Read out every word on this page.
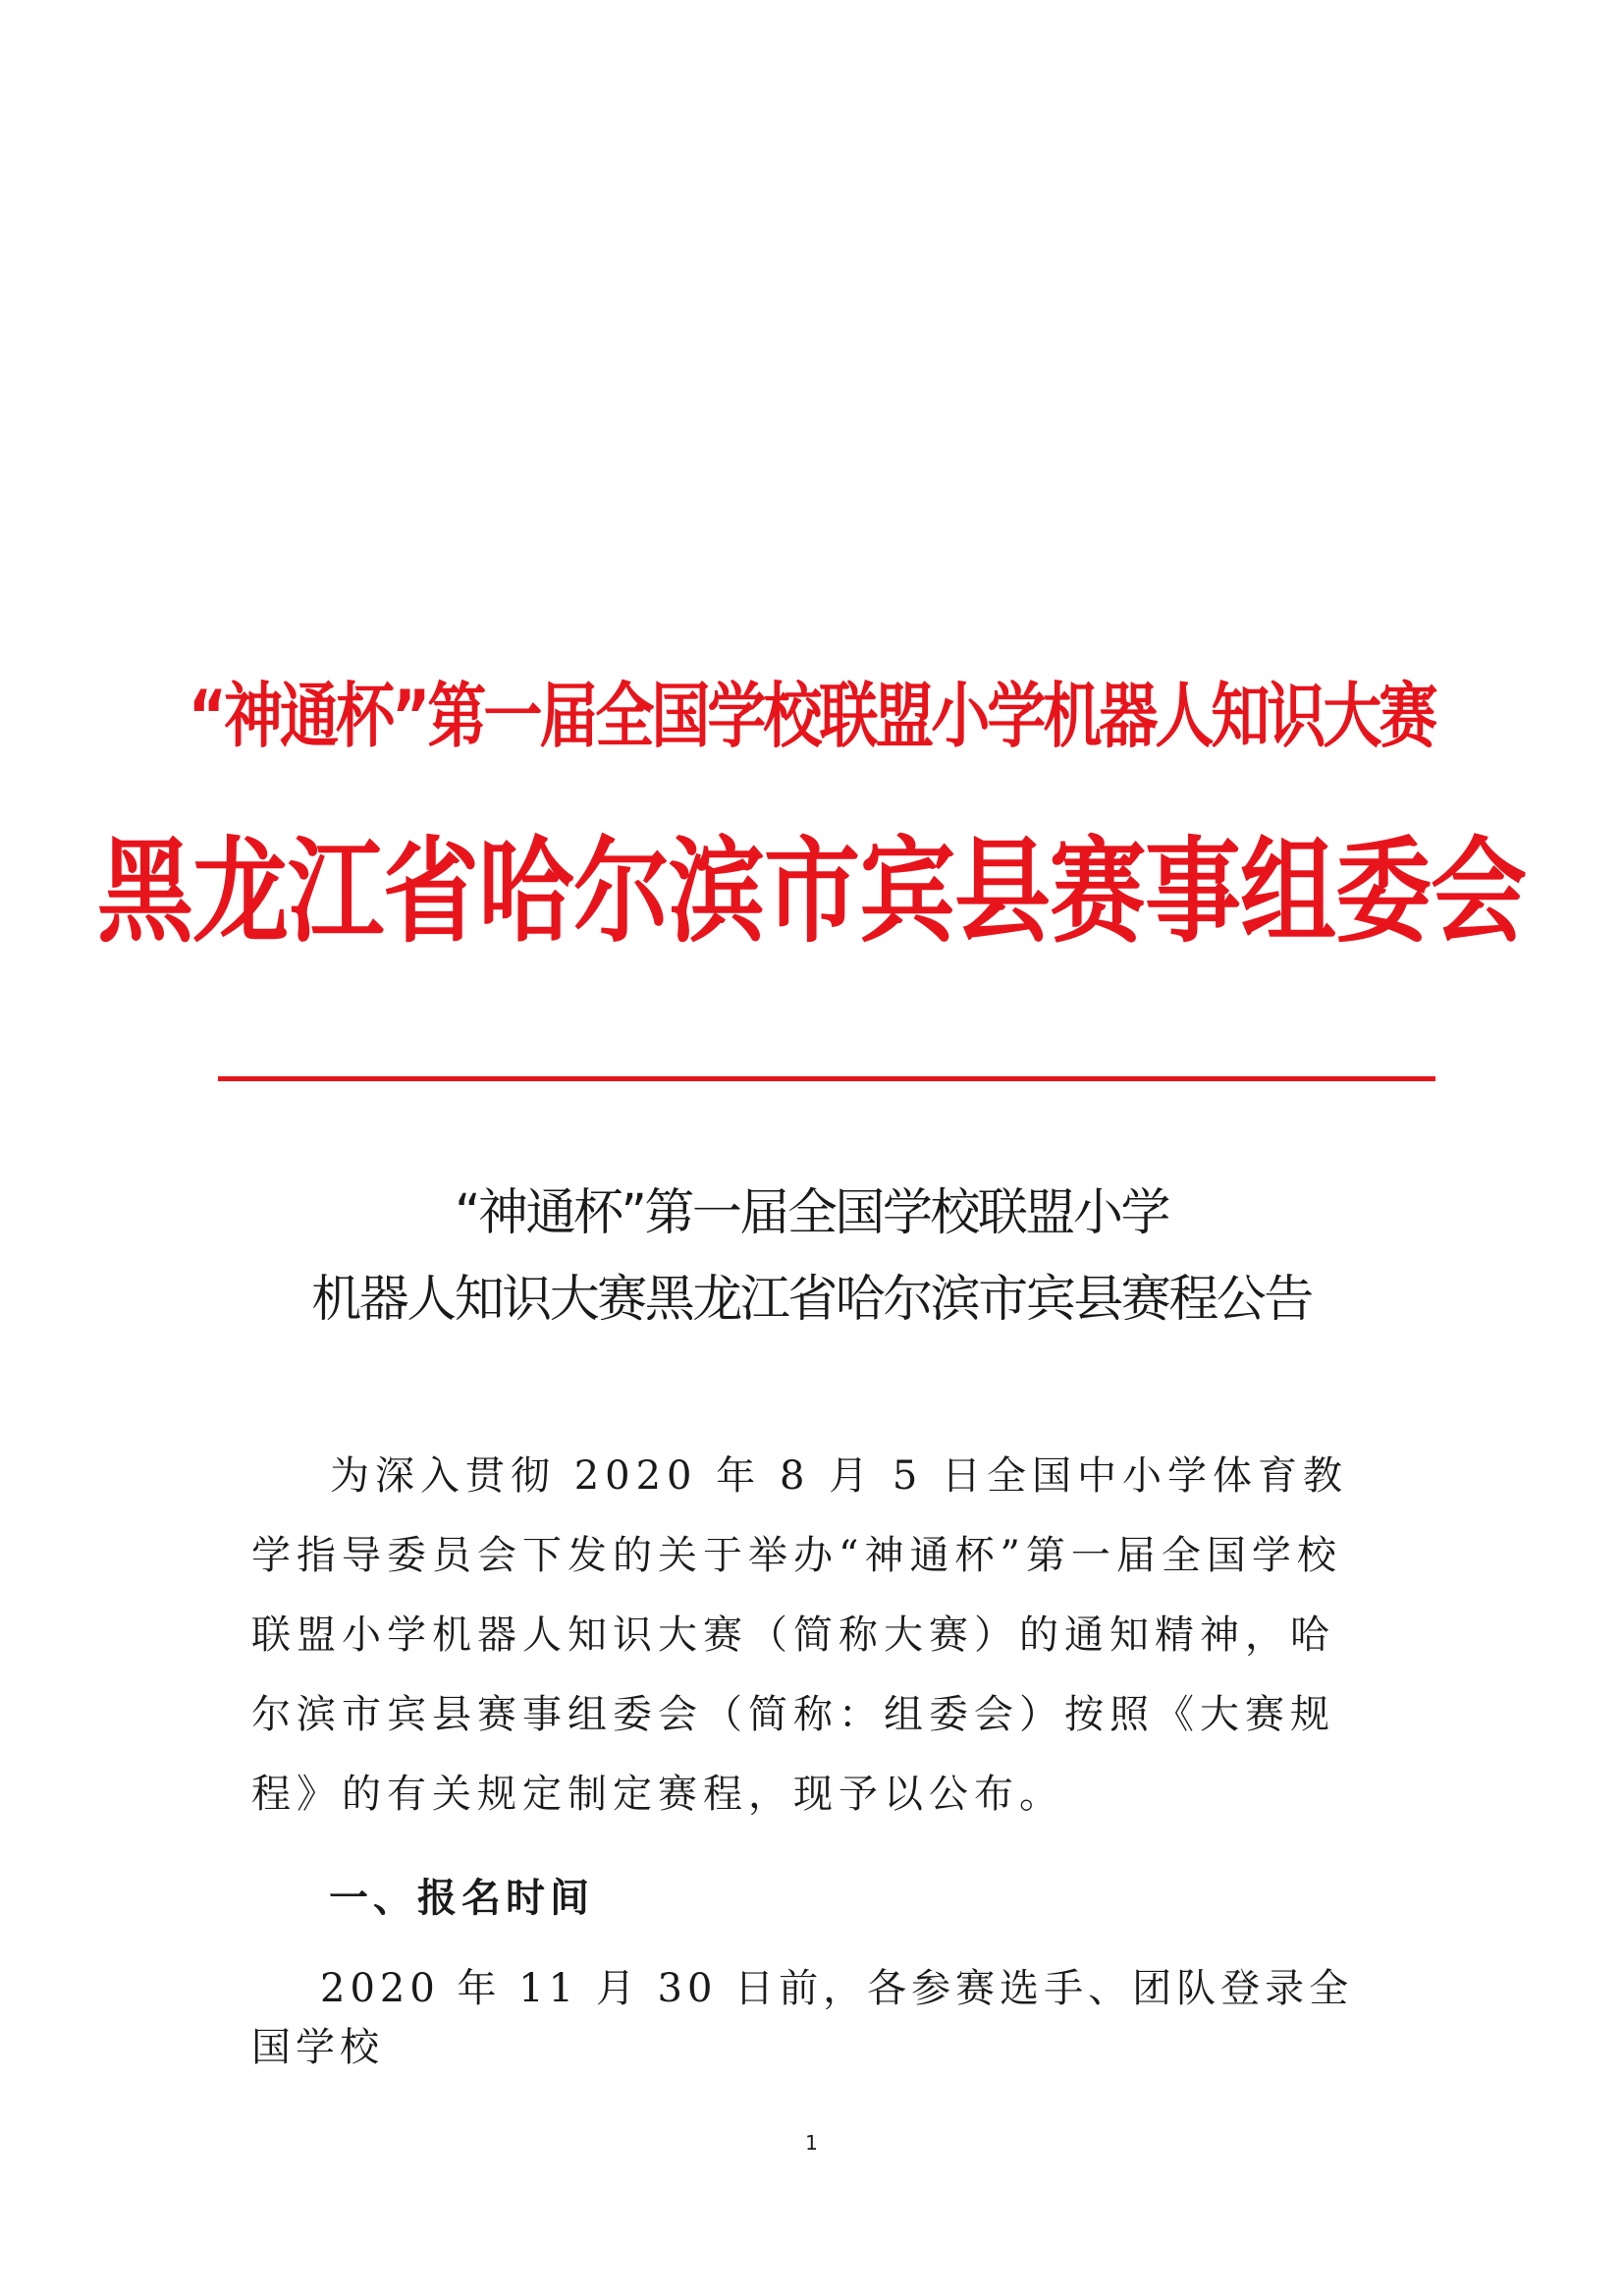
“神通杯”第一届全国学校联盟小学机器人知识大赛
黑龙江省哈尔滨市宾县赛事组委会
“神通杯”第一届全国学校联盟小学
机器人知识大赛黑龙江省哈尔滨市宾县赛程公告
为深入贯彻 2020 年 8 月 5 日全国中小学体育教学指导委员会下发的关于举办“神通杯”第一届全国学校联盟小学机器人知识大赛（简称大赛）的通知精神，哈尔滨市宾县赛事组委会（简称：组委会）按照《大赛规程》的有关规定制定赛程，现予以公布。
一、报名时间
2020 年 11 月 30 日前，各参赛选手、团队登录全国学校
1
